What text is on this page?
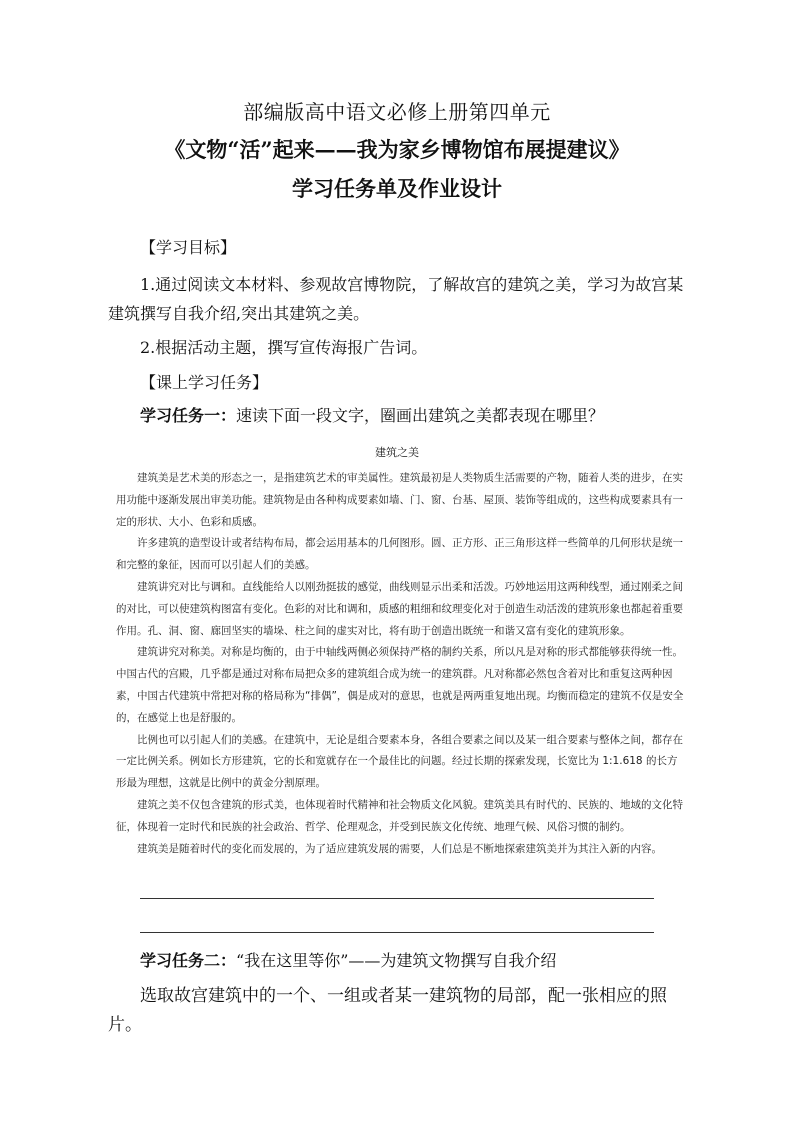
部编版高中语文必修上册第四单元
《文物“活”起来——我为家乡博物馆布展提建议》
学习任务单及作业设计
【学习目标】
1.通过阅读文本材料、参观故宫博物院，了解故宫的建筑之美，学习为故宫某建筑撰写自我介绍,突出其建筑之美。
2.根据活动主题，撰写宣传海报广告词。
【课上学习任务】
学习任务一：速读下面一段文字，圈画出建筑之美都表现在哪里？
建筑之美

建筑美是艺术美的形态之一，是指建筑艺术的审美属性。建筑最初是人类物质生活需要的产物，随着人类的进步，在实用功能中逐渐发展出审美功能。建筑物是由各种构成要素如墙、门、窗、台基、屋顶、装饰等组成的，这些构成要素具有一定的形状、大小、色彩和质感。

许多建筑的造型设计或者结构布局，都会运用基本的几何图形。圆、正方形、正三角形这样一些简单的几何形状是统一和完整的象征，因而可以引起人们的美感。

建筑讲究对比与调和。直线能给人以刚劲挺拔的感觉，曲线则显示出柔和活泼。巧妙地运用这两种线型，通过刚柔之间的对比，可以使建筑构图富有变化。色彩的对比和调和，质感的粗细和纹理变化对于创造生动活泼的建筑形象也都起着重要作用。孔、洞、窗、廊回坚实的墙垛、柱之间的虚实对比，将有助于创造出既统一和谐又富有变化的建筑形象。

建筑讲究对称美。对称是均衡的，由于中轴线两侧必须保持严格的制约关系，所以凡是对称的形式都能够获得统一性。中国古代的宫殿，几乎都是通过对称布局把众多的建筑组合成为统一的建筑群。凡对称都必然包含着对比和重复这两种因素，中国古代建筑中常把对称的格局称为“排偶”，偶是成对的意思，也就是两两重复地出现。均衡而稳定的建筑不仅是安全的，在感觉上也是舒服的。

比例也可以引起人们的美感。在建筑中，无论是组合要素本身，各组合要素之间以及某一组合要素与整体之间，都存在一定比例关系。例如长方形建筑，它的长和宽就存在一个最佳比的问题。经过长期的探索发现，长宽比为 1:1.618 的长方形最为理想，这就是比例中的黄金分割原理。

建筑之美不仅包含建筑的形式美，也体现着时代精神和社会物质文化风貌。建筑美具有时代的、民族的、地域的文化特征，体现着一定时代和民族的社会政治、哲学、伦理观念，并受到民族文化传统、地理气候、风俗习惯的制约。

建筑美是随着时代的变化而发展的，为了适应建筑发展的需要，人们总是不断地探索建筑美并为其注入新的内容。

学习任务二：“我在这里等你”——为建筑文物撰写自我介绍
选取故宫建筑中的一个、一组或者某一建筑物的局部，配一张相应的照片。
